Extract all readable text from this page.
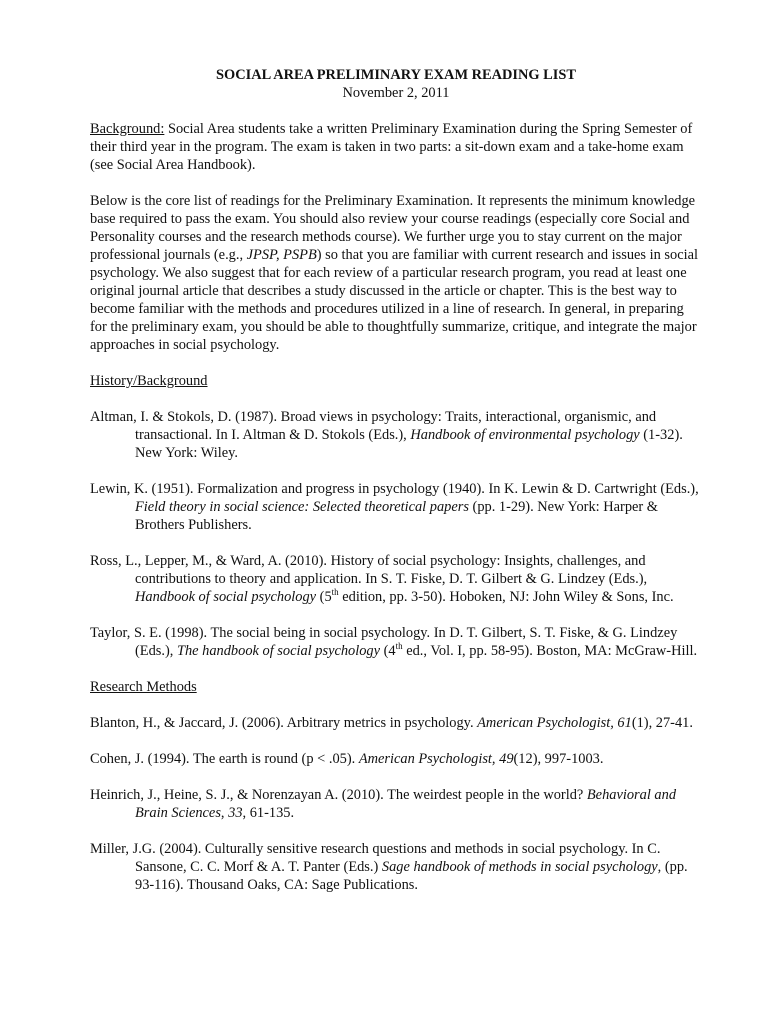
SOCIAL AREA PRELIMINARY EXAM READING LIST

November 2, 2011

Background: Social Area students take a written Preliminary Examination during the Spring Semester of their third year in the program. The exam is taken in two parts: a sit-down exam and a take-home exam (see Social Area Handbook).

Below is the core list of readings for the Preliminary Examination. It represents the minimum knowledge base required to pass the exam. You should also review your course readings (especially core Social and Personality courses and the research methods course). We further urge you to stay current on the major professional journals (e.g., JPSP, PSPB) so that you are familiar with current research and issues in social psychology. We also suggest that for each review of a particular research program, you read at least one original journal article that describes a study discussed in the article or chapter. This is the best way to become familiar with the methods and procedures utilized in a line of research. In general, in preparing for the preliminary exam, you should be able to thoughtfully summarize, critique, and integrate the major approaches in social psychology.

History/Background

Altman, I. & Stokols, D. (1987). Broad views in psychology: Traits, interactional, organismic, and transactional. In I. Altman & D. Stokols (Eds.), Handbook of environmental psychology (1-32). New York: Wiley.

Lewin, K. (1951). Formalization and progress in psychology (1940). In K. Lewin & D. Cartwright (Eds.), Field theory in social science: Selected theoretical papers (pp. 1-29). New York: Harper & Brothers Publishers.

Ross, L., Lepper, M., & Ward, A. (2010). History of social psychology: Insights, challenges, and contributions to theory and application. In S. T. Fiske, D. T. Gilbert & G. Lindzey (Eds.), Handbook of social psychology (5th edition, pp. 3-50). Hoboken, NJ: John Wiley & Sons, Inc.

Taylor, S. E. (1998). The social being in social psychology. In D. T. Gilbert, S. T. Fiske, & G. Lindzey (Eds.), The handbook of social psychology (4th ed., Vol. I, pp. 58-95). Boston, MA: McGraw-Hill.

Research Methods

Blanton, H., & Jaccard, J. (2006). Arbitrary metrics in psychology. American Psychologist, 61(1), 27-41.

Cohen, J. (1994). The earth is round (p < .05). American Psychologist, 49(12), 997-1003.

Heinrich, J., Heine, S. J., & Norenzayan A. (2010). The weirdest people in the world? Behavioral and Brain Sciences, 33, 61-135.

Miller, J.G. (2004). Culturally sensitive research questions and methods in social psychology. In C. Sansone, C. C. Morf & A. T. Panter (Eds.) Sage handbook of methods in social psychology, (pp. 93-116). Thousand Oaks, CA: Sage Publications.
